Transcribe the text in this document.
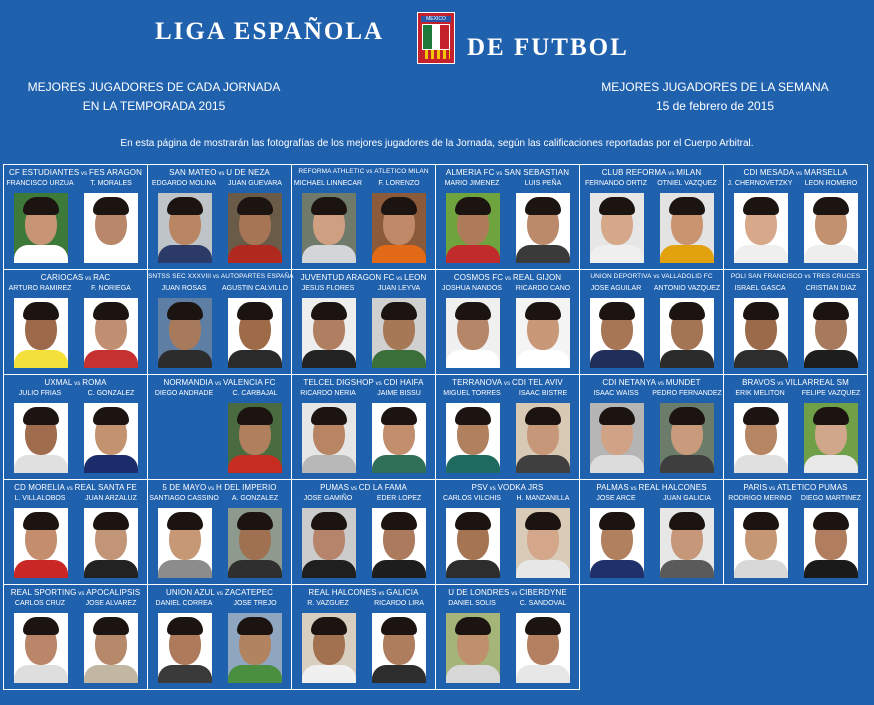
LIGA ESPAÑOLA	MEXICO
DE FUTBOL
MEJORES JUGADORES DE CADA JORNADA
EN LA TEMPORADA 2015
MEJORES JUGADORES DE LA SEMANA
15 de febrero de 2015
En esta página de mostrarán las fotografías de los mejores jugadores de la Jornada, según las calificaciones reportadas por el Cuerpo Arbitral.
CF ESTUDIANTES vs FES ARAGON
FRANCISCO URZUA	T. MORALES
SAN MATEO vs U DE NEZA
EDGARDO MOLINA	JUAN GUEVARA
REFORMA ATHLETIC vs ATLETICO MILAN
MICHAEL LINNECAR	F. LORENZO
ALMERIA FC vs SAN SEBASTIAN
MARIO JIMENEZ	LUIS PEÑA
CLUB REFORMA vs MILAN
FERNANDO ORTIZ	OTNIEL VAZQUEZ
CDI MESADA vs MARSELLA
J. CHERNOVETZKY	LEON ROMERO
CARIOCAS vs RAC
ARTURO RAMIREZ	F. NORIEGA
SNTSS SEC XXXVIII vs AUTOPARTES ESPAÑA
JUAN ROSAS	AGUSTIN CALVILLO
JUVENTUD ARAGON FC vs LEON
JESUS FLORES	JUAN LEYVA
COSMOS FC vs REAL GIJON
JOSHUA NANDOS	RICARDO CANO
UNION DEPORTIVA vs VALLADOLID FC
JOSE AGUILAR	ANTONIO VAZQUEZ
POLI SAN FRANCISCO vs TRES CRUCES
ISRAEL GASCA	CRISTIAN DIAZ
UXMAL vs ROMA
JULIO FRIAS	C. GONZALEZ
NORMANDIA vs VALENCIA FC
DIEGO ANDRADE	C. CARBAJAL
TELCEL DIGSHOP vs CDI HAIFA
RICARDO NERIA	JAIME BISSU
TERRANOVA vs CDI TEL AVIV
MIGUEL TORRES	ISAAC BISTRE
CDI NETANYA vs MUNDET
ISAAC WAISS	PEDRO FERNANDEZ
BRAVOS vs VILLARREAL SM
ERIK MELITON	FELIPE VAZQUEZ
CD MORELIA vs REAL SANTA FE
L. VILLALOBOS	JUAN ARZALUZ
5 DE MAYO vs H DEL IMPERIO
SANTIAGO CASSINO	A. GONZALEZ
PUMAS vs CD LA FAMA
JOSE GAMIÑO	EDER LOPEZ
PSV vs VODKA JRS
CARLOS VILCHIS	H. MANZANILLA
PALMAS vs REAL HALCONES
JOSE ARCE	JUAN GALICIA
PARIS vs ATLETICO PUMAS
RODRIGO MERINO	DIEGO MARTINEZ
REAL SPORTING vs APOCALIPSIS
CARLOS CRUZ	JOSE ALVAREZ
UNION AZUL vs ZACATEPEC
DANIEL CORREA	JOSE TREJO
REAL HALCONES vs GALICIA
R. VAZGUEZ	RICARDO LIRA
U DE LONDRES vs CIBERDYNE
DANIEL SOLIS	C. SANDOVAL
